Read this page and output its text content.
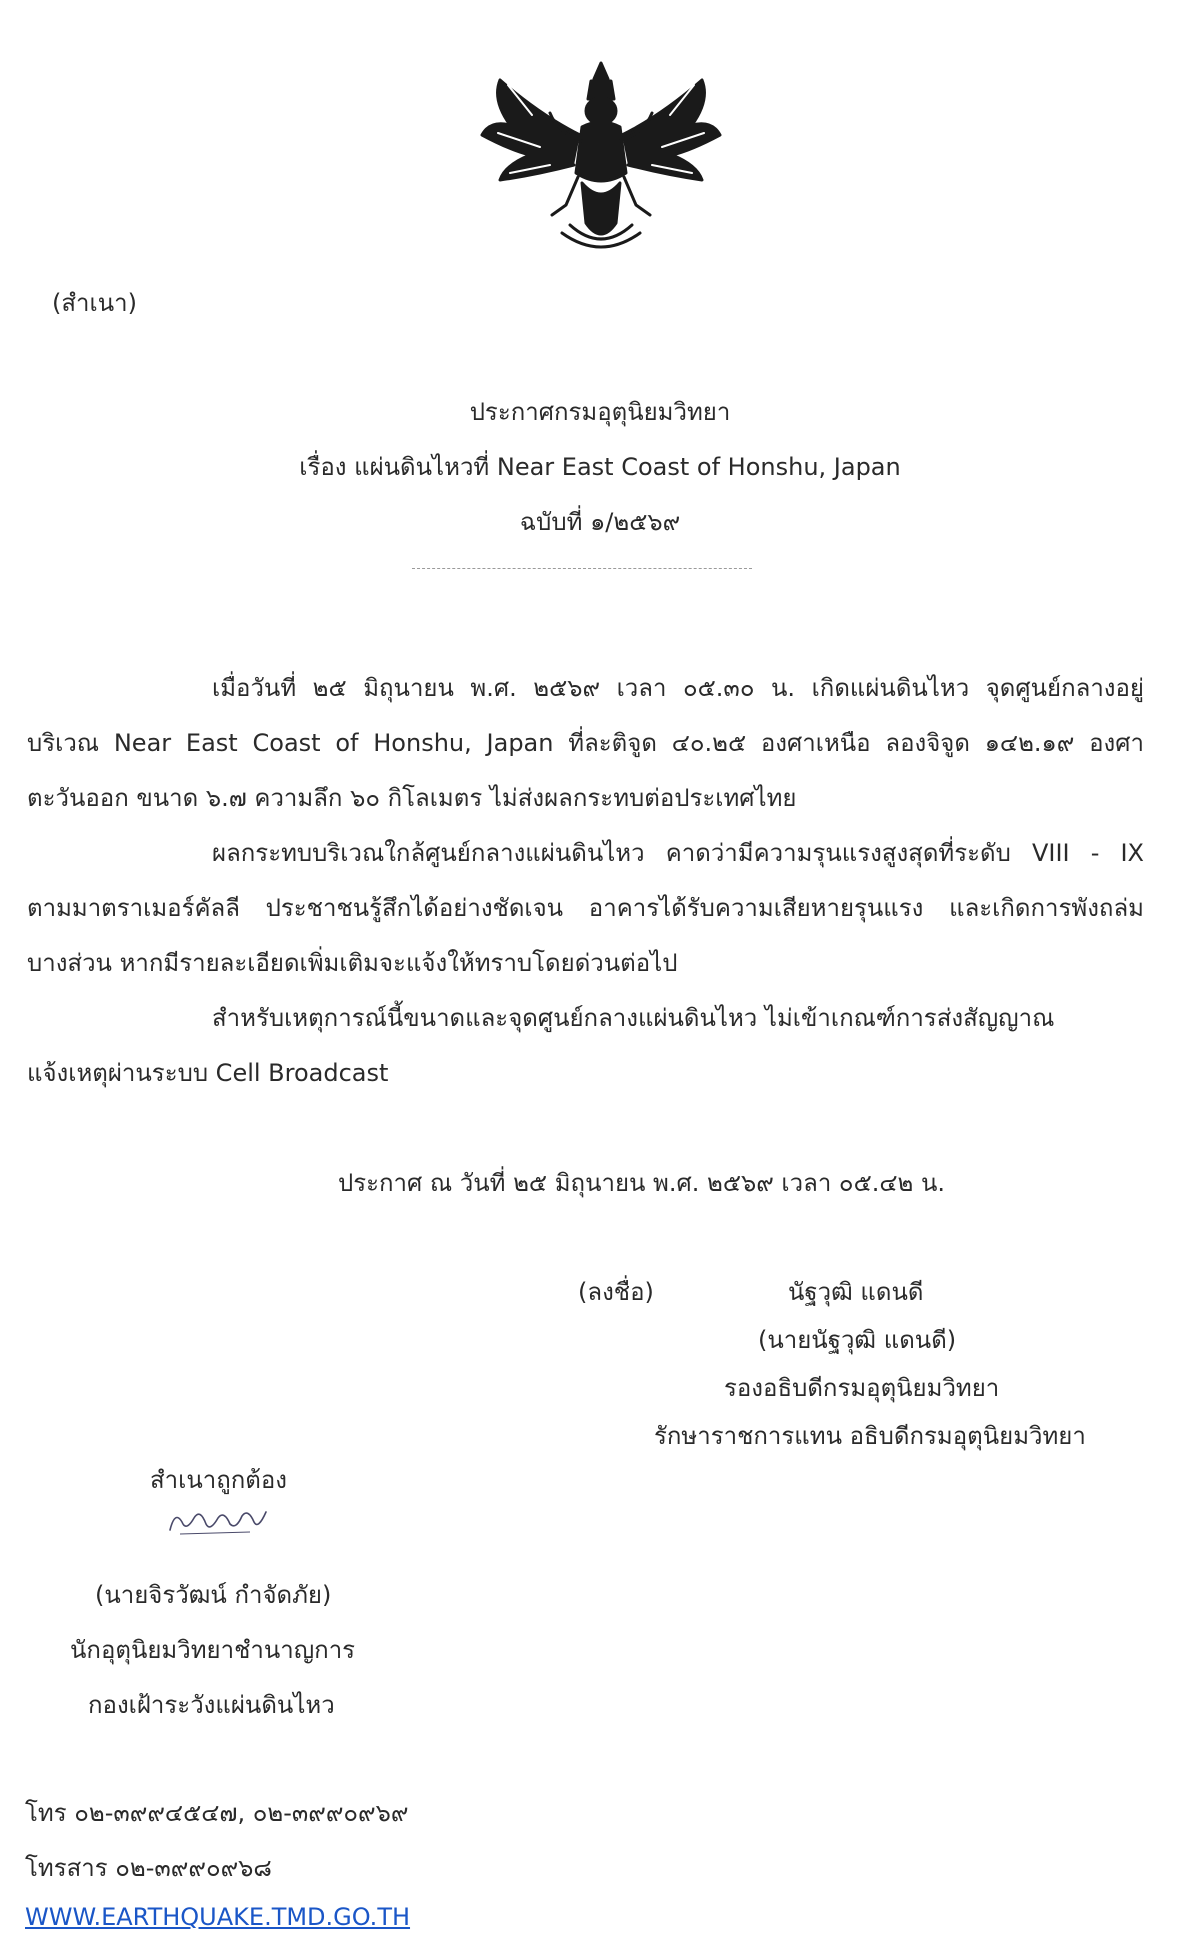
(สำเนา)
ประกาศกรมอุตุนิยมวิทยา
เรื่อง แผ่นดินไหวที่ Near East Coast of Honshu, Japan
ฉบับที่ ๑/๒๕๖๙
เมื่อวันที่ ๒๕ มิถุนายน พ.ศ. ๒๕๖๙ เวลา ๐๕.๓๐ น. เกิดแผ่นดินไหว จุดศูนย์กลางอยู่
บริเวณ Near East Coast of Honshu, Japan ที่ละติจูด ๔๐.๒๕ องศาเหนือ ลองจิจูด ๑๔๒.๑๙ องศา
ตะวันออก ขนาด ๖.๗ ความลึก ๖๐ กิโลเมตร ไม่ส่งผลกระทบต่อประเทศไทย
ผลกระทบบริเวณใกล้ศูนย์กลางแผ่นดินไหว คาดว่ามีความรุนแรงสูงสุดที่ระดับ VIII - IX
ตามมาตราเมอร์คัลลี ประชาชนรู้สึกได้อย่างชัดเจน อาคารได้รับความเสียหายรุนแรง และเกิดการพังถล่ม
บางส่วน หากมีรายละเอียดเพิ่มเติมจะแจ้งให้ทราบโดยด่วนต่อไป
สำหรับเหตุการณ์นี้ขนาดและจุดศูนย์กลางแผ่นดินไหว ไม่เข้าเกณฑ์การส่งสัญญาณ
แจ้งเหตุผ่านระบบ Cell Broadcast
ประกาศ ณ วันที่ ๒๕ มิถุนายน พ.ศ. ๒๕๖๙ เวลา ๐๕.๔๒ น.
(ลงชื่อ)	นัฐวุฒิ แดนดี
(นายนัฐวุฒิ แดนดี)
รองอธิบดีกรมอุตุนิยมวิทยา
รักษาราชการแทน อธิบดีกรมอุตุนิยมวิทยา
สำเนาถูกต้อง
(นายจิรวัฒน์ กำจัดภัย)
นักอุตุนิยมวิทยาชำนาญการ
กองเฝ้าระวังแผ่นดินไหว
โทร ๐๒-๓๙๙๔๕๔๗, ๐๒-๓๙๙๐๙๖๙
โทรสาร ๐๒-๓๙๙๐๙๖๘
WWW.EARTHQUAKE.TMD.GO.TH
